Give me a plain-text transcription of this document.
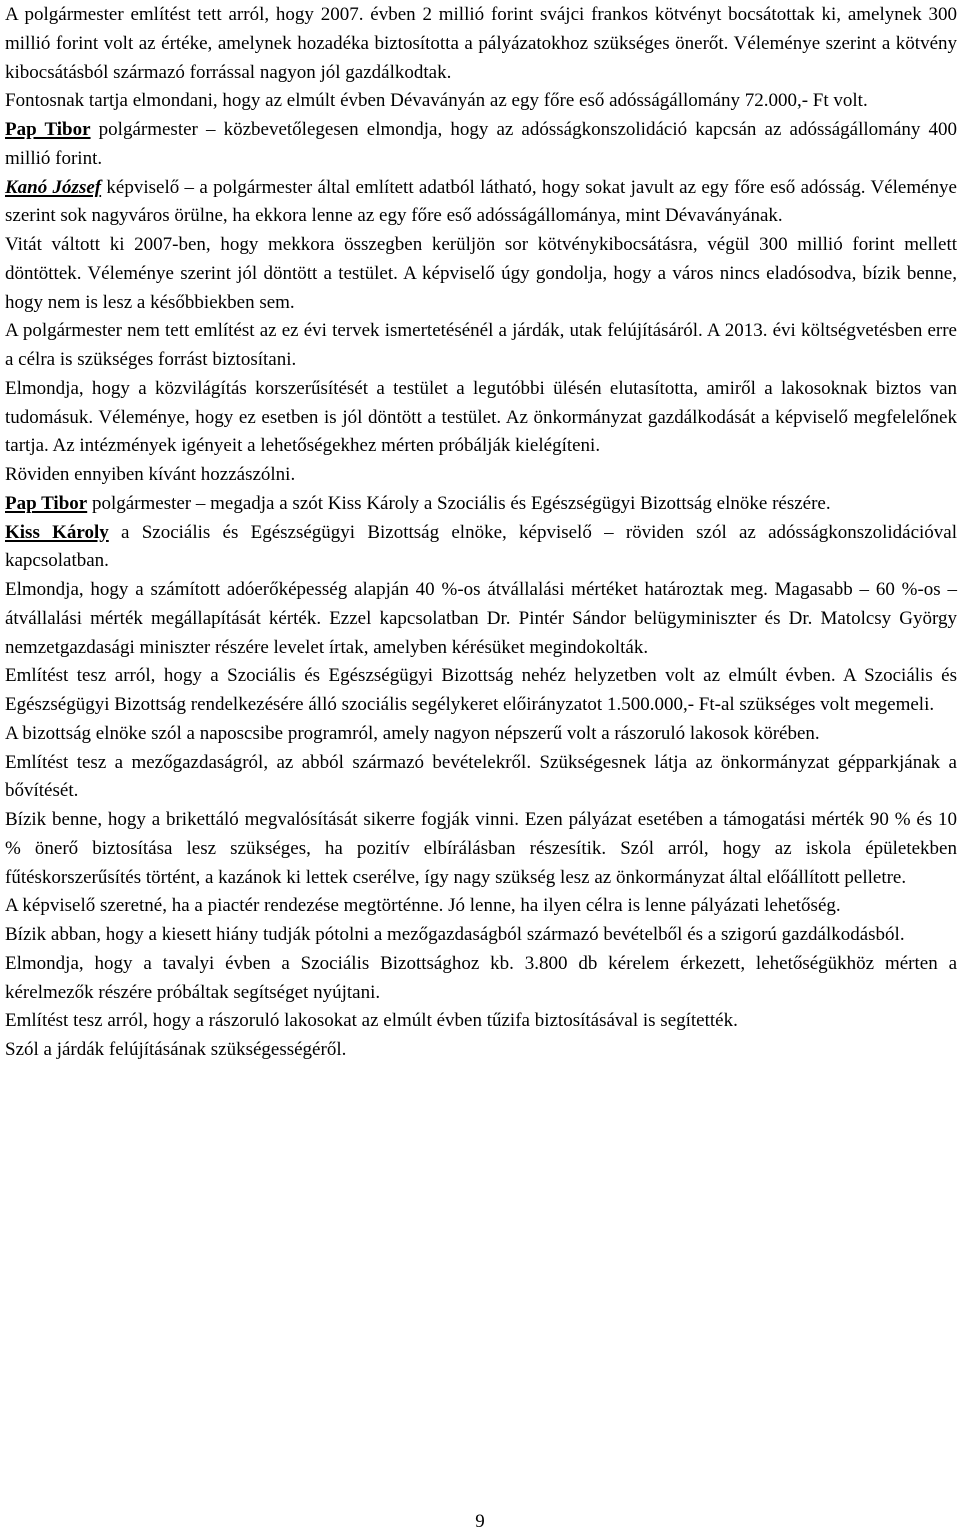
A polgármester említést tett arról, hogy 2007. évben 2 millió forint svájci frankos kötvényt bocsátottak ki, amelynek 300 millió forint volt az értéke, amelynek hozadéka biztosította a pályázatokhoz szükséges önerőt. Véleménye szerint a kötvény kibocsátásból származó forrással nagyon jól gazdálkodtak.

Fontosnak tartja elmondani, hogy az elmúlt évben Dévaványán az egy főre eső adósságállomány 72.000,- Ft volt.

Pap Tibor polgármester – közbevetőlegesen elmondja, hogy az adósságkonszolidáció kapcsán az adósságállomány 400 millió forint.

Kanó József képviselő – a polgármester által említett adatból látható, hogy sokat javult az egy főre eső adósság. Véleménye szerint sok nagyváros örülne, ha ekkora lenne az egy főre eső adósságállománya, mint Dévaványának.

Vitát váltott ki 2007-ben, hogy mekkora összegben kerüljön sor kötvénykibocsátásra, végül 300 millió forint mellett döntöttek. Véleménye szerint jól döntött a testület. A képviselő úgy gondolja, hogy a város nincs eladósodva, bízik benne, hogy nem is lesz a későbbiekben sem.

A polgármester nem tett említést az ez évi tervek ismertetésénél a járdák, utak felújításáról. A 2013. évi költségvetésben erre a célra is szükséges forrást biztosítani.

Elmondja, hogy a közvilágítás korszerűsítését a testület a legutóbbi ülésén elutasította, amiről a lakosoknak biztos van tudomásuk. Véleménye, hogy ez esetben is jól döntött a testület. Az önkormányzat gazdálkodását a képviselő megfelelőnek tartja. Az intézmények igényeit a lehetőségekhez mérten próbálják kielégíteni.

Röviden ennyiben kívánt hozzászólni.

Pap Tibor polgármester – megadja a szót Kiss Károly a Szociális és Egészségügyi Bizottság elnöke részére.

Kiss Károly a Szociális és Egészségügyi Bizottság elnöke, képviselő – röviden szól az adósságkonszolidációval kapcsolatban.

Elmondja, hogy a számított adóerőképesség alapján 40 %-os átvállalási mértéket határoztak meg. Magasabb – 60 %-os – átvállalási mérték megállapítását kérték. Ezzel kapcsolatban Dr. Pintér Sándor belügyminiszter és Dr. Matolcsy György nemzetgazdasági miniszter részére levelet írtak, amelyben kérésüket megindokolták.

Említést tesz arról, hogy a Szociális és Egészségügyi Bizottság nehéz helyzetben volt az elmúlt évben. A Szociális és Egészségügyi Bizottság rendelkezésére álló szociális segélykeret előirányzatot 1.500.000,- Ft-al szükséges volt megemeli.

A bizottság elnöke szól a naposcsibe programról, amely nagyon népszerű volt a rászoruló lakosok körében.

Említést tesz a mezőgazdaságról, az abból származó bevételekről. Szükségesnek látja az önkormányzat gépparkjának a bővítését.

Bízik benne, hogy a brikettáló megvalósítását sikerre fogják vinni. Ezen pályázat esetében a támogatási mérték 90 % és 10 % önerő biztosítása lesz szükséges, ha pozitív elbírálásban részesítik. Szól arról, hogy az iskola épületekben fűtéskorszerűsítés történt, a kazánok ki lettek cserélve, így nagy szükség lesz az önkormányzat által előállított pelletre.

A képviselő szeretné, ha a piactér rendezése megtörténne. Jó lenne, ha ilyen célra is lenne pályázati lehetőség.

Bízik abban, hogy a kiesett hiány tudják pótolni a mezőgazdaságból származó bevételből és a szigorú gazdálkodásból.

Elmondja, hogy a tavalyi évben a Szociális Bizottsághoz kb. 3.800 db kérelem érkezett, lehetőségükhöz mérten a kérelmezők részére próbáltak segítséget nyújtani.

Említést tesz arról, hogy a rászoruló lakosokat az elmúlt évben tűzifa biztosításával is segítették.

Szól a járdák felújításának szükségességéről.

9
